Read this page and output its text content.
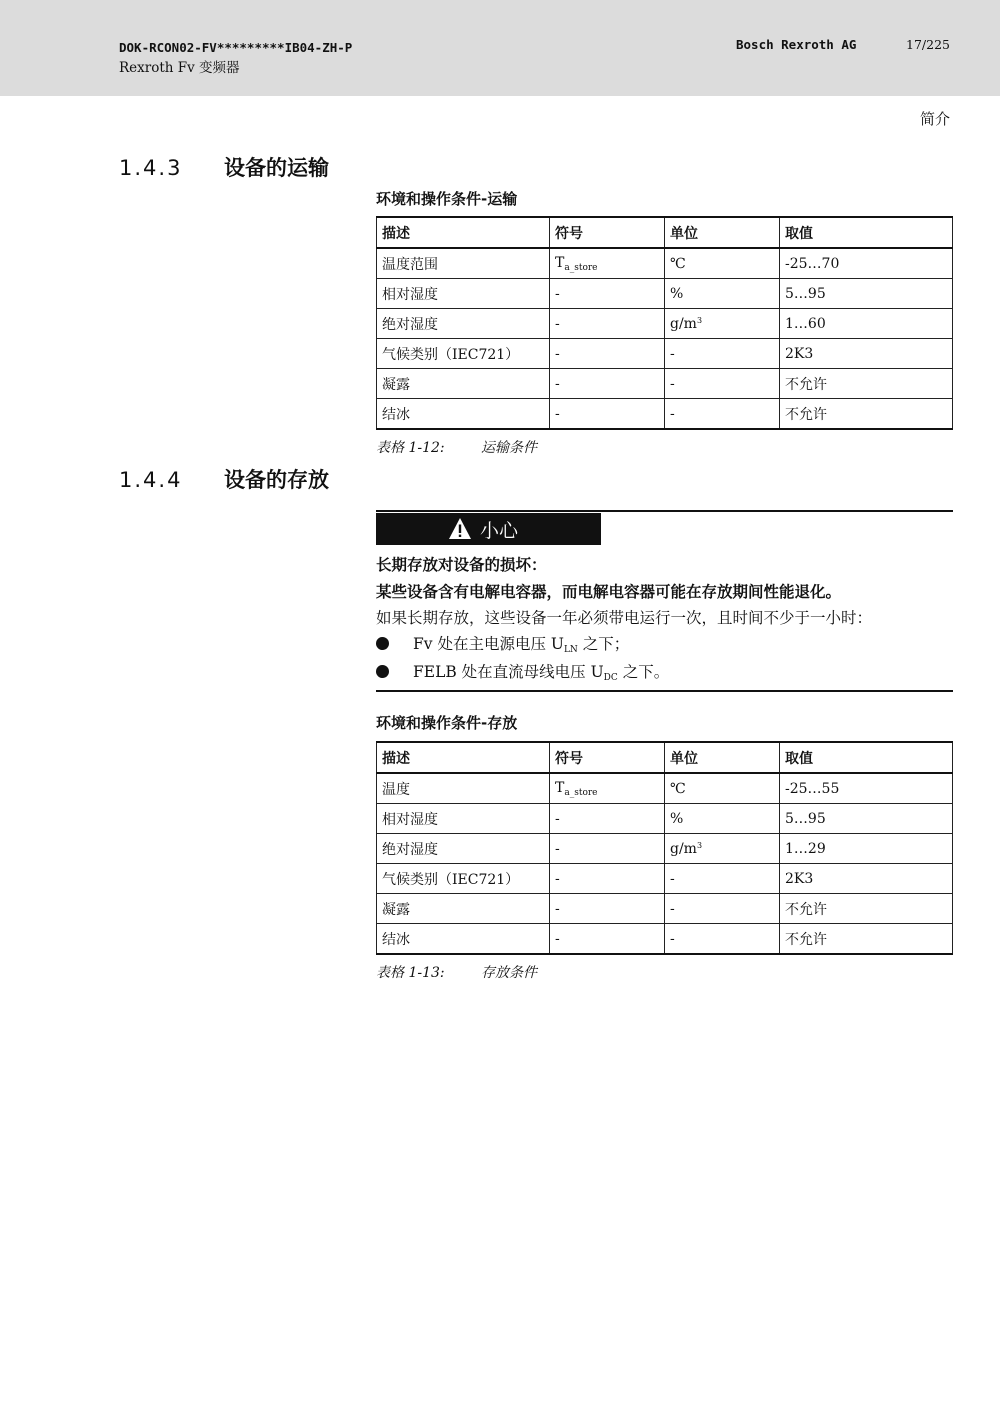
DOK-RCON02-FV*********IB04-ZH-P
Rexroth Fv 变频器
Bosch Rexroth AG	17/225
简介
1.4.3 设备的运输
环境和操作条件-运输
描述	符号	单位	取值
温度范围	$T_{a\_store}$	℃	-25…70
相对湿度	-	%	5…95
绝对湿度	-	$g/m^3$	1…60
气候类别（IEC721）	-	-	2K3
凝露	-	-	不允许
结冰	-	-	不允许
表格 1-12:	运输条件
1.4.4 设备的存放
小心
长期存放对设备的损坏：
某些设备含有电解电容器，而电解电容器可能在存放期间性能退化。
如果长期存放，这些设备一年必须带电运行一次，且时间不少于一小时：
Fv 处在主电源电压 $U_{LN}$ 之下；
FELB 处在直流母线电压 $U_{DC}$ 之下。
环境和操作条件-存放
描述	符号	单位	取值
温度	$T_{a\_store}$	℃	-25…55
相对湿度	-	%	5…95
绝对湿度	-	$g/m^3$	1…29
气候类别（IEC721）	-	-	2K3
凝露	-	-	不允许
结冰	-	-	不允许
表格 1-13:	存放条件
